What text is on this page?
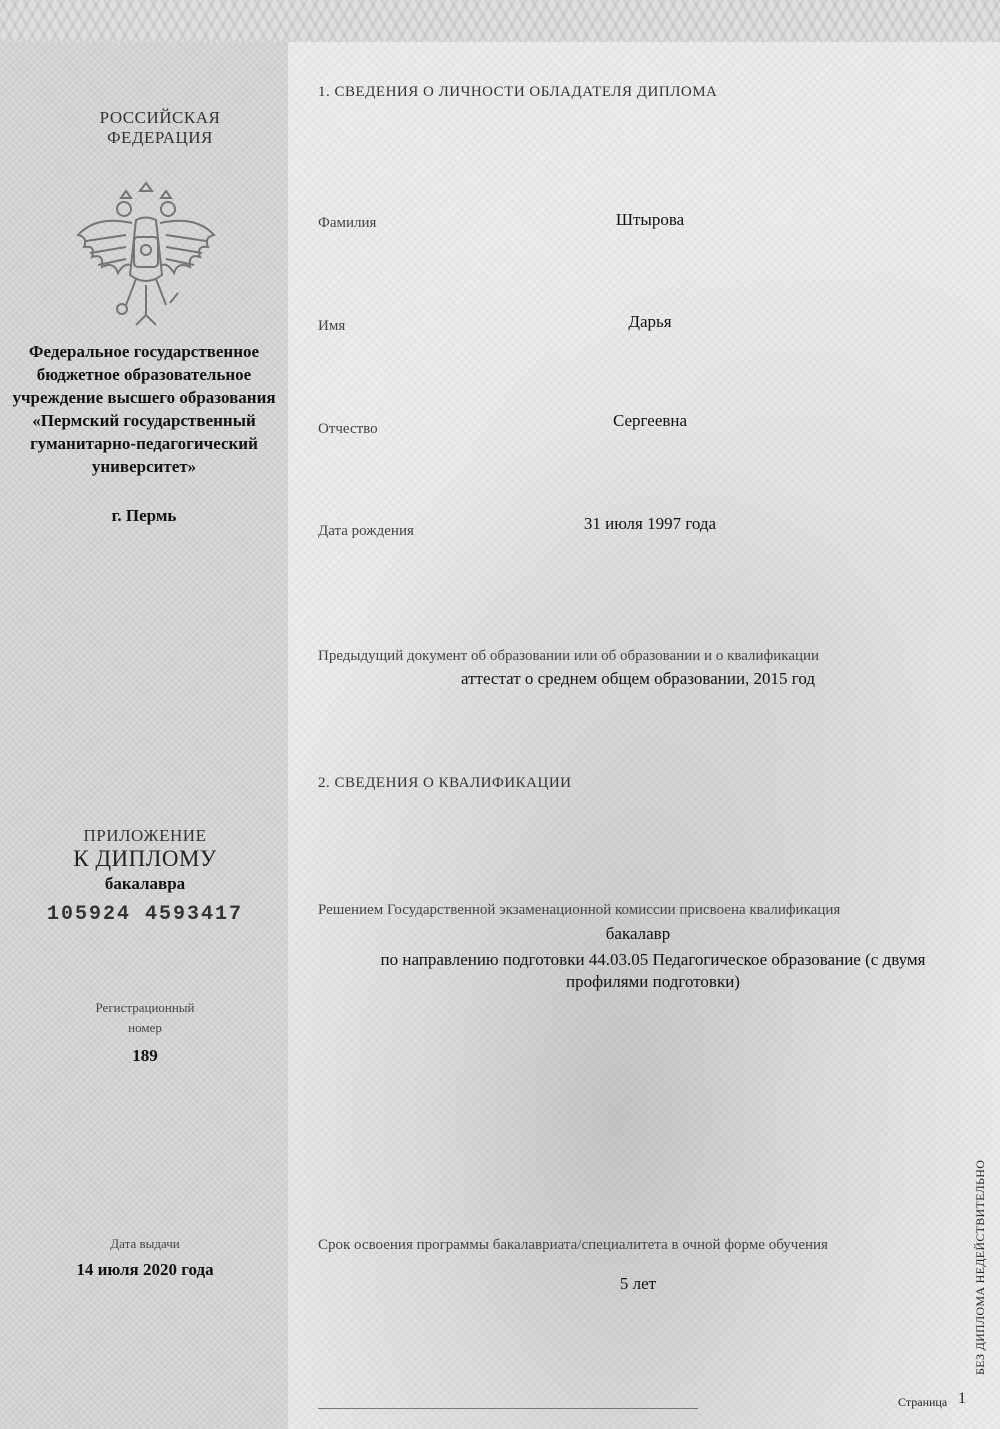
РОССИЙСКАЯ
ФЕДЕРАЦИЯ
Федеральное государственное
бюджетное образовательное
учреждение высшего образования
«Пермский государственный
гуманитарно-педагогический
университет»
г. Пермь
ПРИЛОЖЕНИЕ
К ДИПЛОМУ
бакалавра
105924 4593417
Регистрационный
номер
189
Дата выдачи
14 июля 2020 года
1. СВЕДЕНИЯ О ЛИЧНОСТИ ОБЛАДАТЕЛЯ ДИПЛОМА
Фамилия	Штырова
Имя	Дарья
Отчество	Сергеевна
Дата рождения	31 июля 1997 года
Предыдущий документ об образовании или об образовании и о квалификации
аттестат о среднем общем образовании, 2015 год
2. СВЕДЕНИЯ О КВАЛИФИКАЦИИ
Решением Государственной экзаменационной комиссии присвоена квалификация
бакалавр
по направлению подготовки 44.03.05 Педагогическое образование (с двумя
профилями подготовки)
Срок освоения программы бакалавриата/специалитета в очной форме обучения
5 лет	БЕЗ ДИПЛОМА НЕДЕЙСТВИТЕЛЬНО
Страница 1
